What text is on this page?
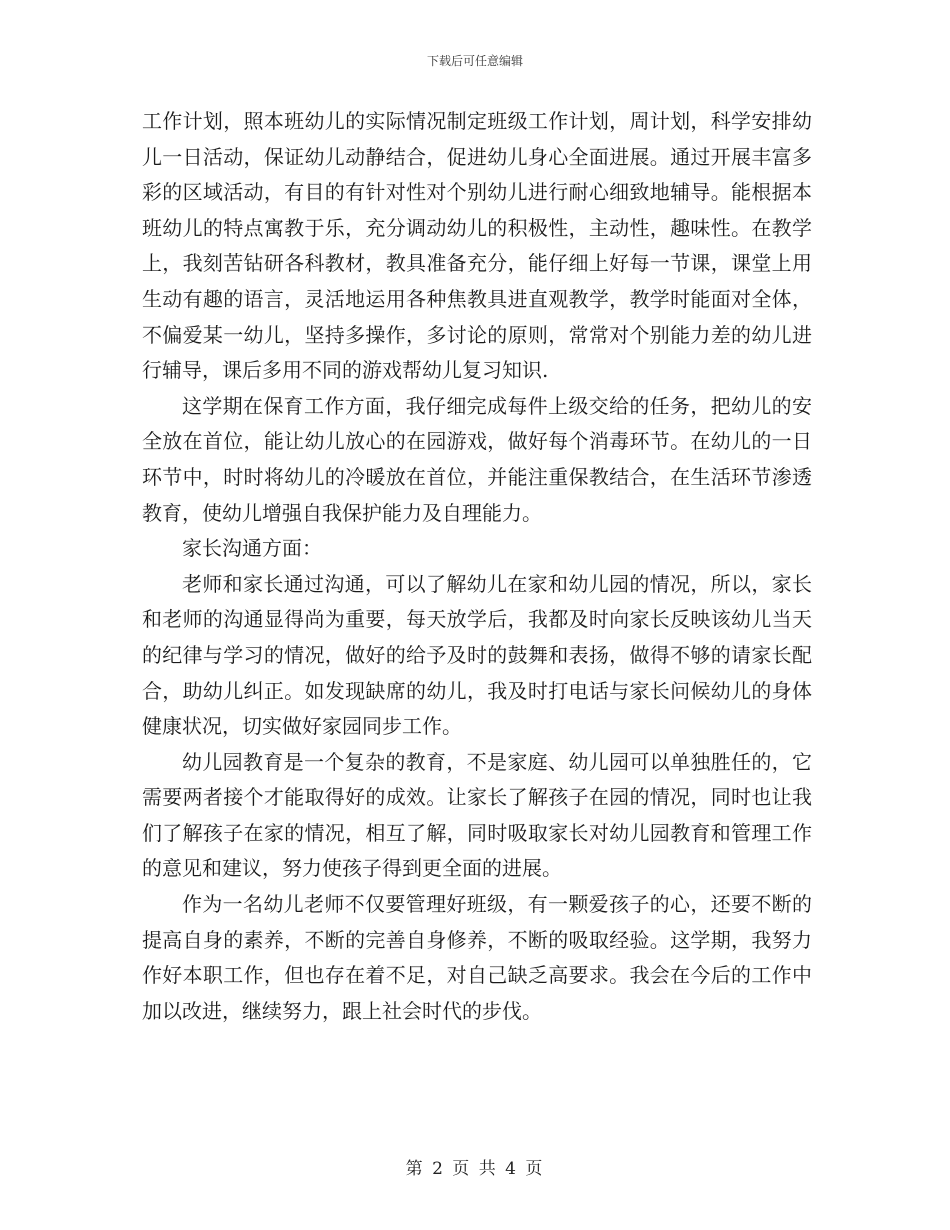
下载后可任意编辑

工作计划，照本班幼儿的实际情况制定班级工作计划，周计划，科学安排幼儿一日活动，保证幼儿动静结合，促进幼儿身心全面进展。通过开展丰富多彩的区域活动，有目的有针对性对个别幼儿进行耐心细致地辅导。能根据本班幼儿的特点寓教于乐，充分调动幼儿的积极性，主动性，趣味性。在教学上，我刻苦钻研各科教材，教具准备充分，能仔细上好每一节课，课堂上用生动有趣的语言，灵活地运用各种焦教具进直观教学，教学时能面对全体，不偏爱某一幼儿，坚持多操作，多讨论的原则，常常对个别能力差的幼儿进行辅导，课后多用不同的游戏帮幼儿复习知识.

这学期在保育工作方面，我仔细完成每件上级交给的任务，把幼儿的安全放在首位，能让幼儿放心的在园游戏，做好每个消毒环节。在幼儿的一日环节中，时时将幼儿的冷暖放在首位，并能注重保教结合，在生活环节渗透教育，使幼儿增强自我保护能力及自理能力。

家长沟通方面：

老师和家长通过沟通，可以了解幼儿在家和幼儿园的情况，所以，家长和老师的沟通显得尚为重要，每天放学后，我都及时向家长反映该幼儿当天的纪律与学习的情况，做好的给予及时的鼓舞和表扬，做得不够的请家长配合，助幼儿纠正。如发现缺席的幼儿，我及时打电话与家长问候幼儿的身体健康状况，切实做好家园同步工作。

幼儿园教育是一个复杂的教育，不是家庭、幼儿园可以单独胜任的，它需要两者接个才能取得好的成效。让家长了解孩子在园的情况，同时也让我们了解孩子在家的情况，相互了解，同时吸取家长对幼儿园教育和管理工作的意见和建议，努力使孩子得到更全面的进展。

作为一名幼儿老师不仅要管理好班级，有一颗爱孩子的心，还要不断的提高自身的素养，不断的完善自身修养，不断的吸取经验。这学期，我努力作好本职工作，但也存在着不足，对自己缺乏高要求。我会在今后的工作中加以改进，继续努力，跟上社会时代的步伐。

第 2 页 共 4 页
